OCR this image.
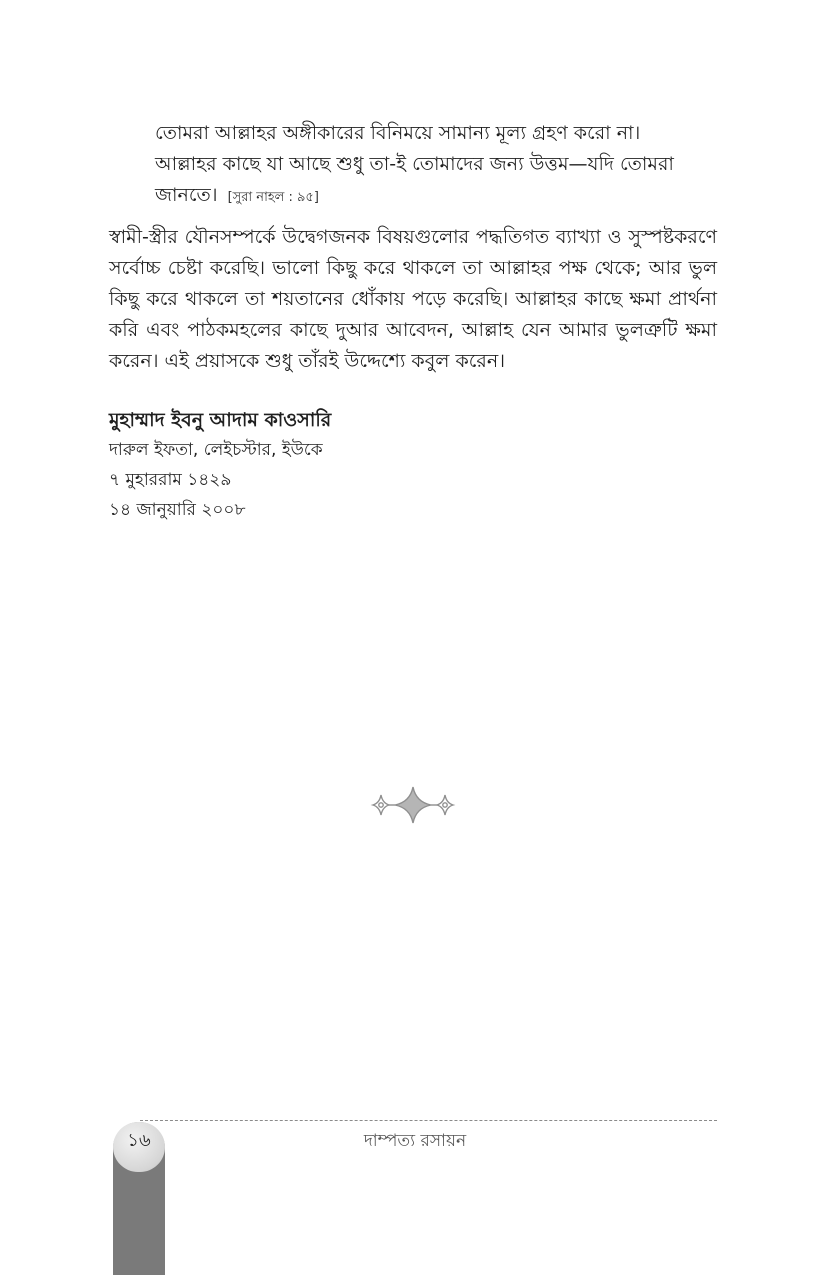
তোমরা আল্লাহর অঙ্গীকারের বিনিময়ে সামান্য মূল্য গ্রহণ করো না। আল্লাহর কাছে যা আছে শুধু তা-ই তোমাদের জন্য উত্তম—যদি তোমরা জানতে। [সুরা নাহল : ৯৫]
স্বামী-স্ত্রীর যৌনসম্পর্কে উদ্বেগজনক বিষয়গুলোর পদ্ধতিগত ব্যাখ্যা ও সুস্পষ্টকরণে সর্বোচ্চ চেষ্টা করেছি। ভালো কিছু করে থাকলে তা আল্লাহর পক্ষ থেকে; আর ভুল কিছু করে থাকলে তা শয়তানের ধোঁকায় পড়ে করেছি। আল্লাহর কাছে ক্ষমা প্রার্থনা করি এবং পাঠকমহলের কাছে দুআর আবেদন, আল্লাহ যেন আমার ভুলত্রুটি ক্ষমা করেন। এই প্রয়াসকে শুধু তাঁরই উদ্দেশ্যে কবুল করেন।
মুহাম্মাদ ইবনু আদাম কাওসারি
দারুল ইফতা, লেইচস্টার, ইউকে
৭ মুহাররাম ১৪২৯
১৪ জানুয়ারি ২০০৮
১৬	দাম্পত্য রসায়ন
